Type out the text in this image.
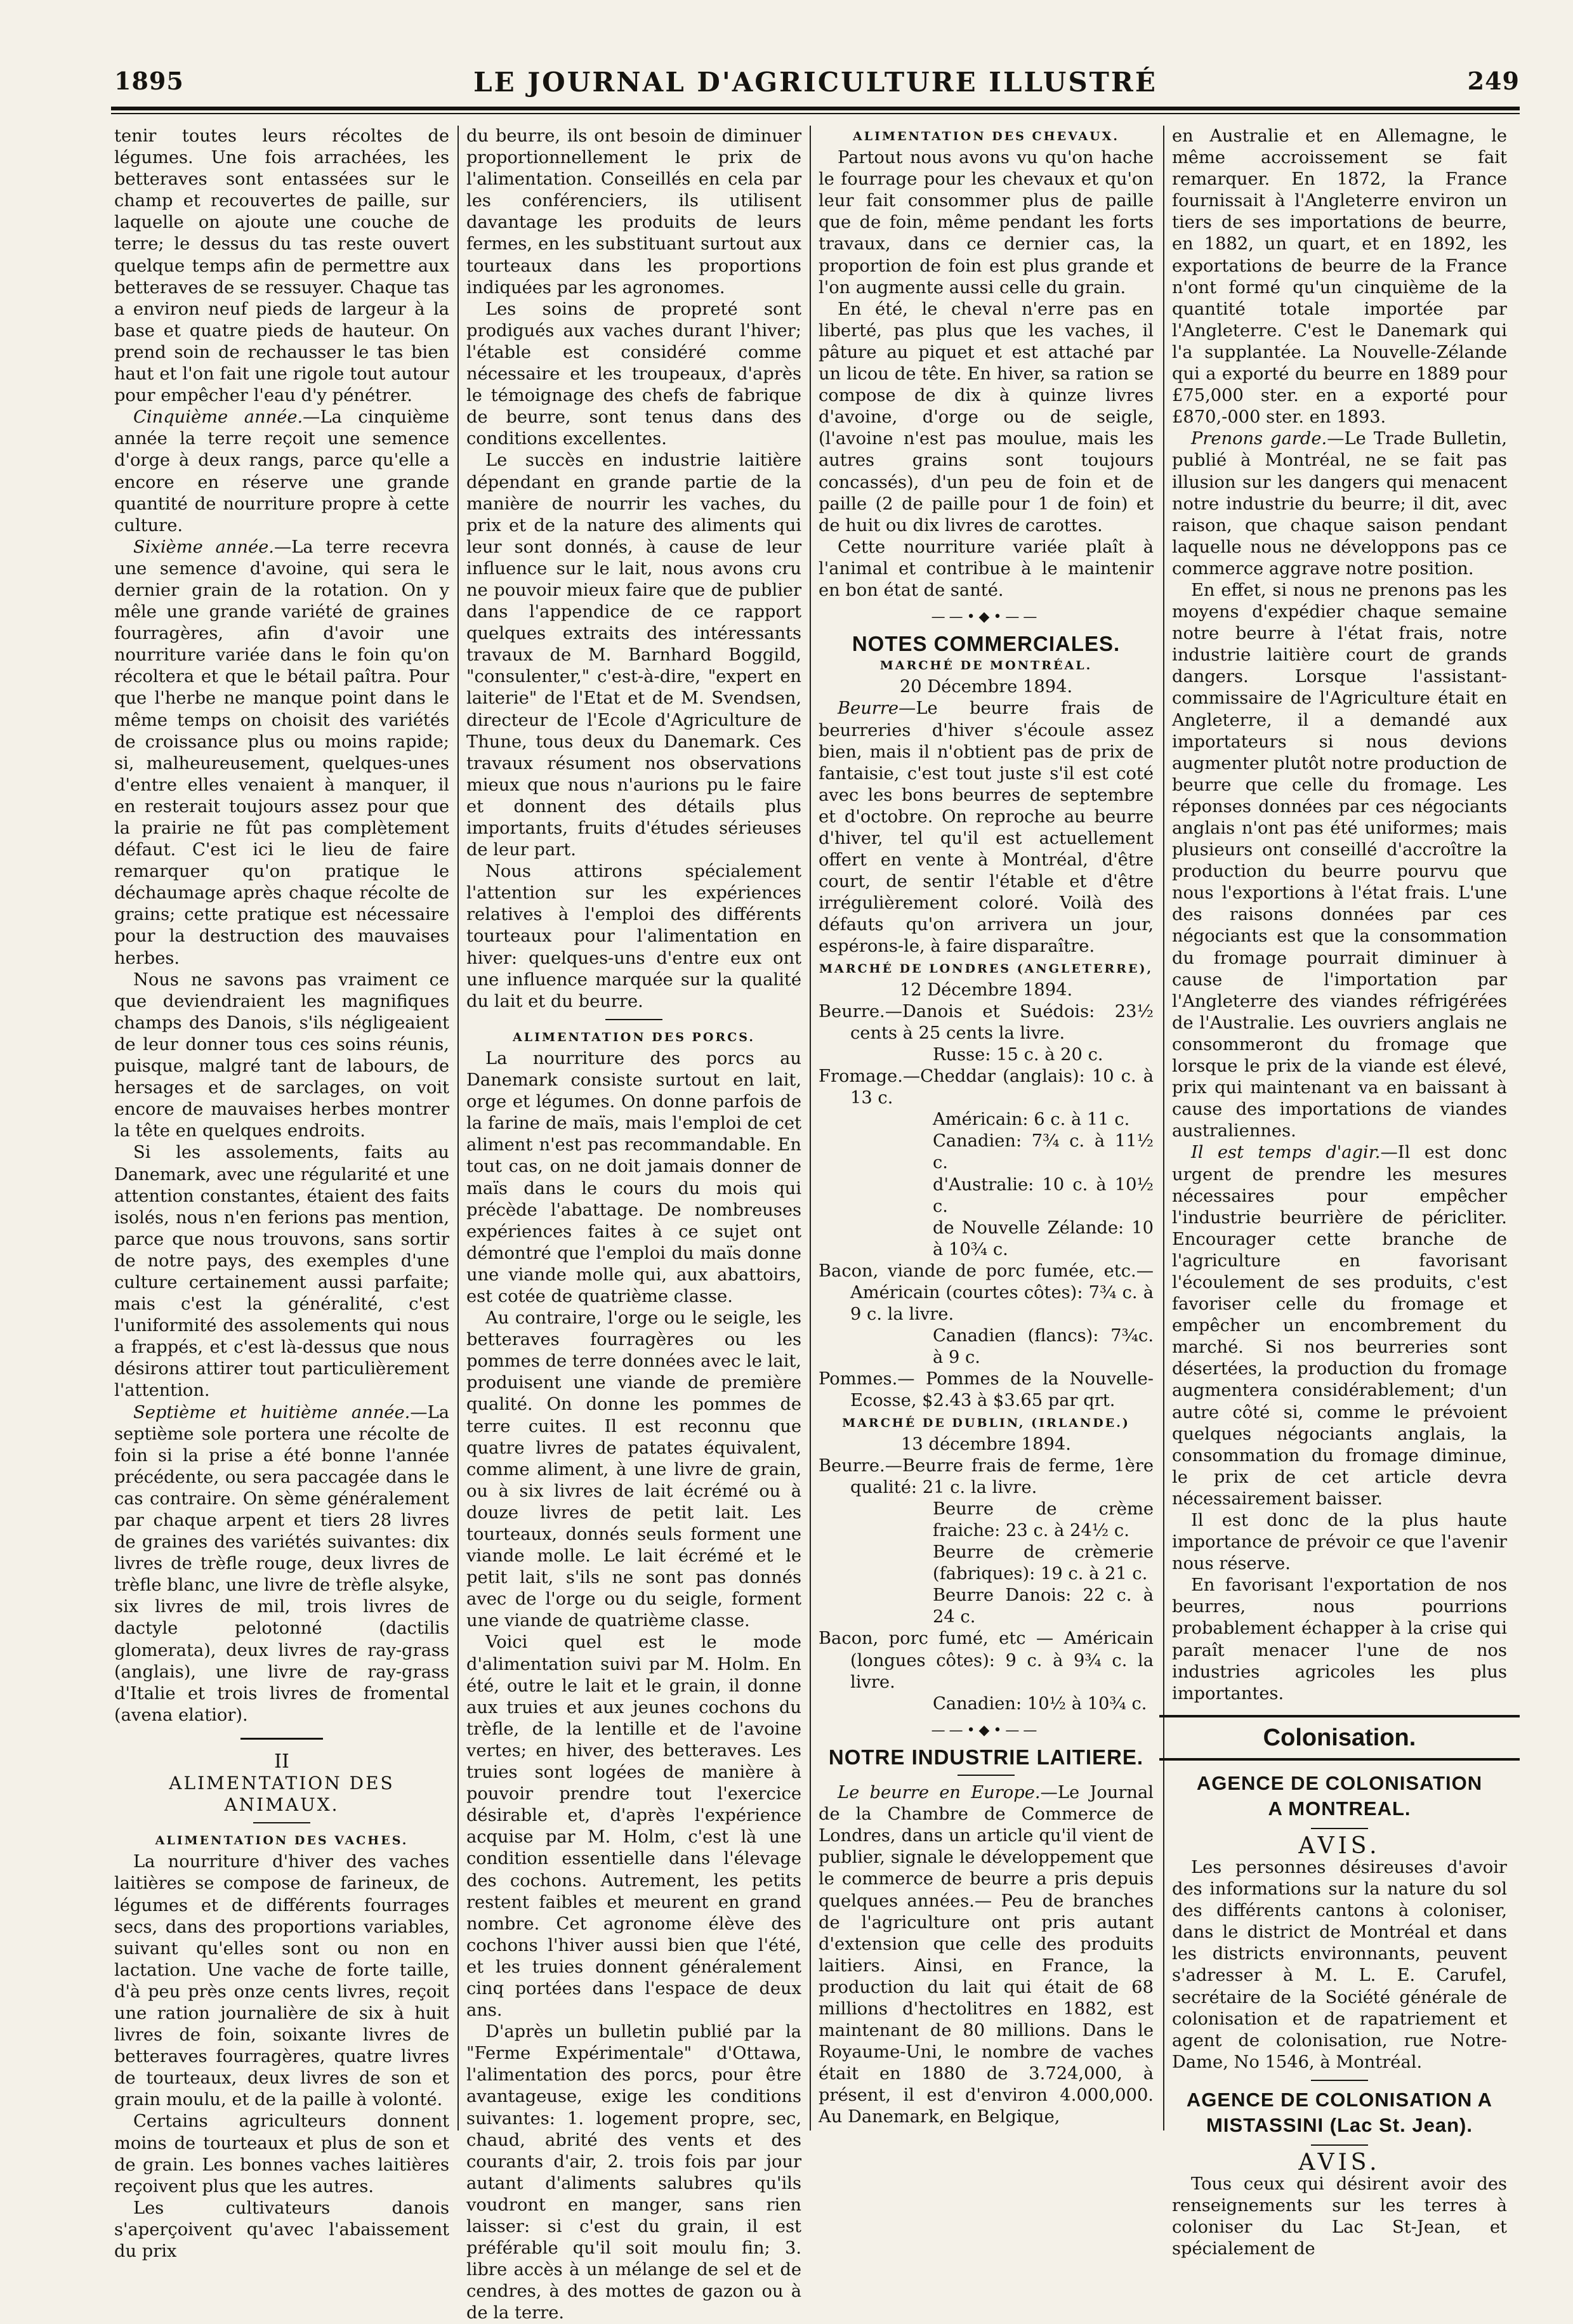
1895	LE JOURNAL D'AGRICULTURE ILLUSTRÉ	249

tenir toutes leurs récoltes de légumes. Une fois arrachées, les betteraves sont entassées sur le champ et recouvertes de paille, sur laquelle on ajoute une couche de terre; le dessus du tas reste ouvert quelque temps afin de permettre aux betteraves de se ressuyer. Chaque tas a environ neuf pieds de largeur à la base et quatre pieds de hauteur. On prend soin de rechausser le tas bien haut et l'on fait une rigole tout autour pour empêcher l'eau d'y pénétrer.

Cinquième année.—La cinquième année la terre reçoit une semence d'orge à deux rangs, parce qu'elle a encore en réserve une grande quantité de nourriture propre à cette culture.

Sixième année.—La terre recevra une semence d'avoine, qui sera le dernier grain de la rotation. On y mêle une grande variété de graines fourragères, afin d'avoir une nourriture variée dans le foin qu'on récoltera et que le bétail paîtra. Pour que l'herbe ne manque point dans le même temps on choisit des variétés de croissance plus ou moins rapide; si, malheureusement, quelques-unes d'entre elles venaient à manquer, il en resterait toujours assez pour que la prairie ne fût pas complètement défaut. C'est ici le lieu de faire remarquer qu'on pratique le déchaumage après chaque récolte de grains; cette pratique est nécessaire pour la destruction des mauvaises herbes.

Nous ne savons pas vraiment ce que deviendraient les magnifiques champs des Danois, s'ils négligeaient de leur donner tous ces soins réunis, puisque, malgré tant de labours, de hersages et de sarclages, on voit encore de mauvaises herbes montrer la tête en quelques endroits.

Si les assolements, faits au Danemark, avec une régularité et une attention constantes, étaient des faits isolés, nous n'en ferions pas mention, parce que nous trouvons, sans sortir de notre pays, des exemples d'une culture certainement aussi parfaite; mais c'est la généralité, c'est l'uniformité des assolements qui nous a frappés, et c'est là-dessus que nous désirons attirer tout particulièrement l'attention.

Septième et huitième année.—La septième sole portera une récolte de foin si la prise a été bonne l'année précédente, ou sera paccagée dans le cas contraire. On sème généralement par chaque arpent et tiers 28 livres de graines des variétés suivantes: dix livres de trèfle rouge, deux livres de trèfle blanc, une livre de trèfle alsyke, six livres de mil, trois livres de dactyle pelotonné (dactilis glomerata), deux livres de ray-grass (anglais), une livre de ray-grass d'Italie et trois livres de fromental (avena elatior).

II

ALIMENTATION DES ANIMAUX.

ALIMENTATION DES VACHES.

La nourriture d'hiver des vaches laitières se compose de farineux, de légumes et de différents fourrages secs, dans des proportions variables, suivant qu'elles sont ou non en lactation. Une vache de forte taille, d'à peu près onze cents livres, reçoit une ration journalière de six à huit livres de foin, soixante livres de betteraves fourragères, quatre livres de tourteaux, deux livres de son et grain moulu, et de la paille à volonté.

Certains agriculteurs donnent moins de tourteaux et plus de son et de grain. Les bonnes vaches laitières reçoivent plus que les autres.

Les cultivateurs danois s'aperçoivent qu'avec l'abaissement du prix

du beurre, ils ont besoin de diminuer proportionnellement le prix de l'alimentation. Conseillés en cela par les conférenciers, ils utilisent davantage les produits de leurs fermes, en les substituant surtout aux tourteaux dans les proportions indiquées par les agronomes.

Les soins de propreté sont prodigués aux vaches durant l'hiver; l'étable est considéré comme nécessaire et les troupeaux, d'après le témoignage des chefs de fabrique de beurre, sont tenus dans des conditions excellentes.

Le succès en industrie laitière dépendant en grande partie de la manière de nourrir les vaches, du prix et de la nature des aliments qui leur sont donnés, à cause de leur influence sur le lait, nous avons cru ne pouvoir mieux faire que de publier dans l'appendice de ce rapport quelques extraits des intéressants travaux de M. Barnhard Boggild, "consulenter," c'est-à-dire, "expert en laiterie" de l'Etat et de M. Svendsen, directeur de l'Ecole d'Agriculture de Thune, tous deux du Danemark. Ces travaux résument nos observations mieux que nous n'aurions pu le faire et donnent des détails plus importants, fruits d'études sérieuses de leur part.

Nous attirons spécialement l'attention sur les expériences relatives à l'emploi des différents tourteaux pour l'alimentation en hiver: quelques-uns d'entre eux ont une influence marquée sur la qualité du lait et du beurre.

ALIMENTATION DES PORCS.

La nourriture des porcs au Danemark consiste surtout en lait, orge et légumes. On donne parfois de la farine de maïs, mais l'emploi de cet aliment n'est pas recommandable. En tout cas, on ne doit jamais donner de maïs dans le cours du mois qui précède l'abattage. De nombreuses expériences faites à ce sujet ont démontré que l'emploi du maïs donne une viande molle qui, aux abattoirs, est cotée de quatrième classe.

Au contraire, l'orge ou le seigle, les betteraves fourragères ou les pommes de terre données avec le lait, produisent une viande de première qualité. On donne les pommes de terre cuites. Il est reconnu que quatre livres de patates équivalent, comme aliment, à une livre de grain, ou à six livres de lait écrémé ou à douze livres de petit lait. Les tourteaux, donnés seuls forment une viande molle. Le lait écrémé et le petit lait, s'ils ne sont pas donnés avec de l'orge ou du seigle, forment une viande de quatrième classe.

Voici quel est le mode d'alimentation suivi par M. Holm. En été, outre le lait et le grain, il donne aux truies et aux jeunes cochons du trèfle, de la lentille et de l'avoine vertes; en hiver, des betteraves. Les truies sont logées de manière à pouvoir prendre tout l'exercice désirable et, d'après l'expérience acquise par M. Holm, c'est là une condition essentielle dans l'élevage des cochons. Autrement, les petits restent faibles et meurent en grand nombre. Cet agronome élève des cochons l'hiver aussi bien que l'été, et les truies donnent généralement cinq portées dans l'espace de deux ans.

D'après un bulletin publié par la "Ferme Expérimentale" d'Ottawa, l'alimentation des porcs, pour être avantageuse, exige les conditions suivantes: 1. logement propre, sec, chaud, abrité des vents et des courants d'air, 2. trois fois par jour autant d'aliments salubres qu'ils voudront en manger, sans rien laisser: si c'est du grain, il est préférable qu'il soit moulu fin; 3. libre accès à un mélange de sel et de cendres, à des mottes de gazon ou à de la terre.

ALIMENTATION DES CHEVAUX.

Partout nous avons vu qu'on hache le fourrage pour les chevaux et qu'on leur fait consommer plus de paille que de foin, même pendant les forts travaux, dans ce dernier cas, la proportion de foin est plus grande et l'on augmente aussi celle du grain.

En été, le cheval n'erre pas en liberté, pas plus que les vaches, il pâture au piquet et est attaché par un licou de tête. En hiver, sa ration se compose de dix à quinze livres d'avoine, d'orge ou de seigle, (l'avoine n'est pas moulue, mais les autres grains sont toujours concassés), d'un peu de foin et de paille (2 de paille pour 1 de foin) et de huit ou dix livres de carottes.

Cette nourriture variée plaît à l'animal et contribue à le maintenir en bon état de santé.

——•◆•——

NOTES COMMERCIALES.

MARCHÉ DE MONTRÉAL.

20 Décembre 1894.

Beurre—Le beurre frais de beurreries d'hiver s'écoule assez bien, mais il n'obtient pas de prix de fantaisie, c'est tout juste s'il est coté avec les bons beurres de septembre et d'octobre. On reproche au beurre d'hiver, tel qu'il est actuellement offert en vente à Montréal, d'être court, de sentir l'étable et d'être irrégulièrement coloré. Voilà des défauts qu'on arrivera un jour, espérons-le, à faire disparaître.

MARCHÉ DE LONDRES (ANGLETERRE),

12 Décembre 1894.

Beurre.—Danois et Suédois: 23½ cents à 25 cents la livre.

Russe: 15 c. à 20 c.

Fromage.—Cheddar (anglais): 10 c. à 13 c.

Américain: 6 c. à 11 c.

Canadien: 7¾ c. à 11½ c.

d'Australie: 10 c. à 10½ c.

de Nouvelle Zélande: 10 à 10¾ c.

Bacon, viande de porc fumée, etc.— Américain (courtes côtes): 7¾ c. à 9 c. la livre.

Canadien (flancs): 7¾c. à 9 c.

Pommes.— Pommes de la Nouvelle-Ecosse, $2.43 à $3.65 par qrt.

MARCHÉ DE DUBLIN, (IRLANDE.)

13 décembre 1894.

Beurre.—Beurre frais de ferme, 1ère qualité: 21 c. la livre.

Beurre de crème fraiche: 23 c. à 24½ c.

Beurre de crèmerie (fabriques): 19 c. à 21 c.

Beurre Danois: 22 c. à 24 c.

Bacon, porc fumé, etc — Américain (longues côtes): 9 c. à 9¾ c. la livre.

Canadien: 10½ à 10¾ c.

——•◆•——

NOTRE INDUSTRIE LAITIERE.

Le beurre en Europe.—Le Journal de la Chambre de Commerce de Londres, dans un article qu'il vient de publier, signale le développement que le commerce de beurre a pris depuis quelques années.— Peu de branches de l'agriculture ont pris autant d'extension que celle des produits laitiers. Ainsi, en France, la production du lait qui était de 68 millions d'hectolitres en 1882, est maintenant de 80 millions. Dans le Royaume-Uni, le nombre de vaches était en 1880 de 3.724,000, à présent, il est d'environ 4.000,000. Au Danemark, en Belgique,

en Australie et en Allemagne, le même accroissement se fait remarquer. En 1872, la France fournissait à l'Angleterre environ un tiers de ses importations de beurre, en 1882, un quart, et en 1892, les exportations de beurre de la France n'ont formé qu'un cinquième de la quantité totale importée par l'Angleterre. C'est le Danemark qui l'a supplantée. La Nouvelle-Zélande qui a exporté du beurre en 1889 pour £75,000 ster. en a exporté pour £870,-000 ster. en 1893.

Prenons garde.—Le Trade Bulletin, publié à Montréal, ne se fait pas illusion sur les dangers qui menacent notre industrie du beurre; il dit, avec raison, que chaque saison pendant laquelle nous ne développons pas ce commerce aggrave notre position.

En effet, si nous ne prenons pas les moyens d'expédier chaque semaine notre beurre à l'état frais, notre industrie laitière court de grands dangers. Lorsque l'assistant-commissaire de l'Agriculture était en Angleterre, il a demandé aux importateurs si nous devions augmenter plutôt notre production de beurre que celle du fromage. Les réponses données par ces négociants anglais n'ont pas été uniformes; mais plusieurs ont conseillé d'accroître la production du beurre pourvu que nous l'exportions à l'état frais. L'une des raisons données par ces négociants est que la consommation du fromage pourrait diminuer à cause de l'importation par l'Angleterre des viandes réfrigérées de l'Australie. Les ouvriers anglais ne consommeront du fromage que lorsque le prix de la viande est élevé, prix qui maintenant va en baissant à cause des importations de viandes australiennes.

Il est temps d'agir.—Il est donc urgent de prendre les mesures nécessaires pour empêcher l'industrie beurrière de péricliter. Encourager cette branche de l'agriculture en favorisant l'écoulement de ses produits, c'est favoriser celle du fromage et empêcher un encombrement du marché. Si nos beurreries sont désertées, la production du fromage augmentera considérablement; d'un autre côté si, comme le prévoient quelques négociants anglais, la consommation du fromage diminue, le prix de cet article devra nécessairement baisser.

Il est donc de la plus haute importance de prévoir ce que l'avenir nous réserve.

En favorisant l'exportation de nos beurres, nous pourrions probablement échapper à la crise qui paraît menacer l'une de nos industries agricoles les plus importantes.

Colonisation.

AGENCE DE COLONISATION

A MONTREAL.

AVIS.

Les personnes désireuses d'avoir des informations sur la nature du sol des différents cantons à coloniser, dans le district de Montréal et dans les districts environnants, peuvent s'adresser à M. L. E. Carufel, secrétaire de la Société générale de colonisation et de rapatriement et agent de colonisation, rue Notre-Dame, No 1546, à Montréal.

AGENCE DE COLONISATION A

MISTASSINI (Lac St. Jean).

AVIS.

Tous ceux qui désirent avoir des renseignements sur les terres à coloniser du Lac St-Jean, et spécialement de
